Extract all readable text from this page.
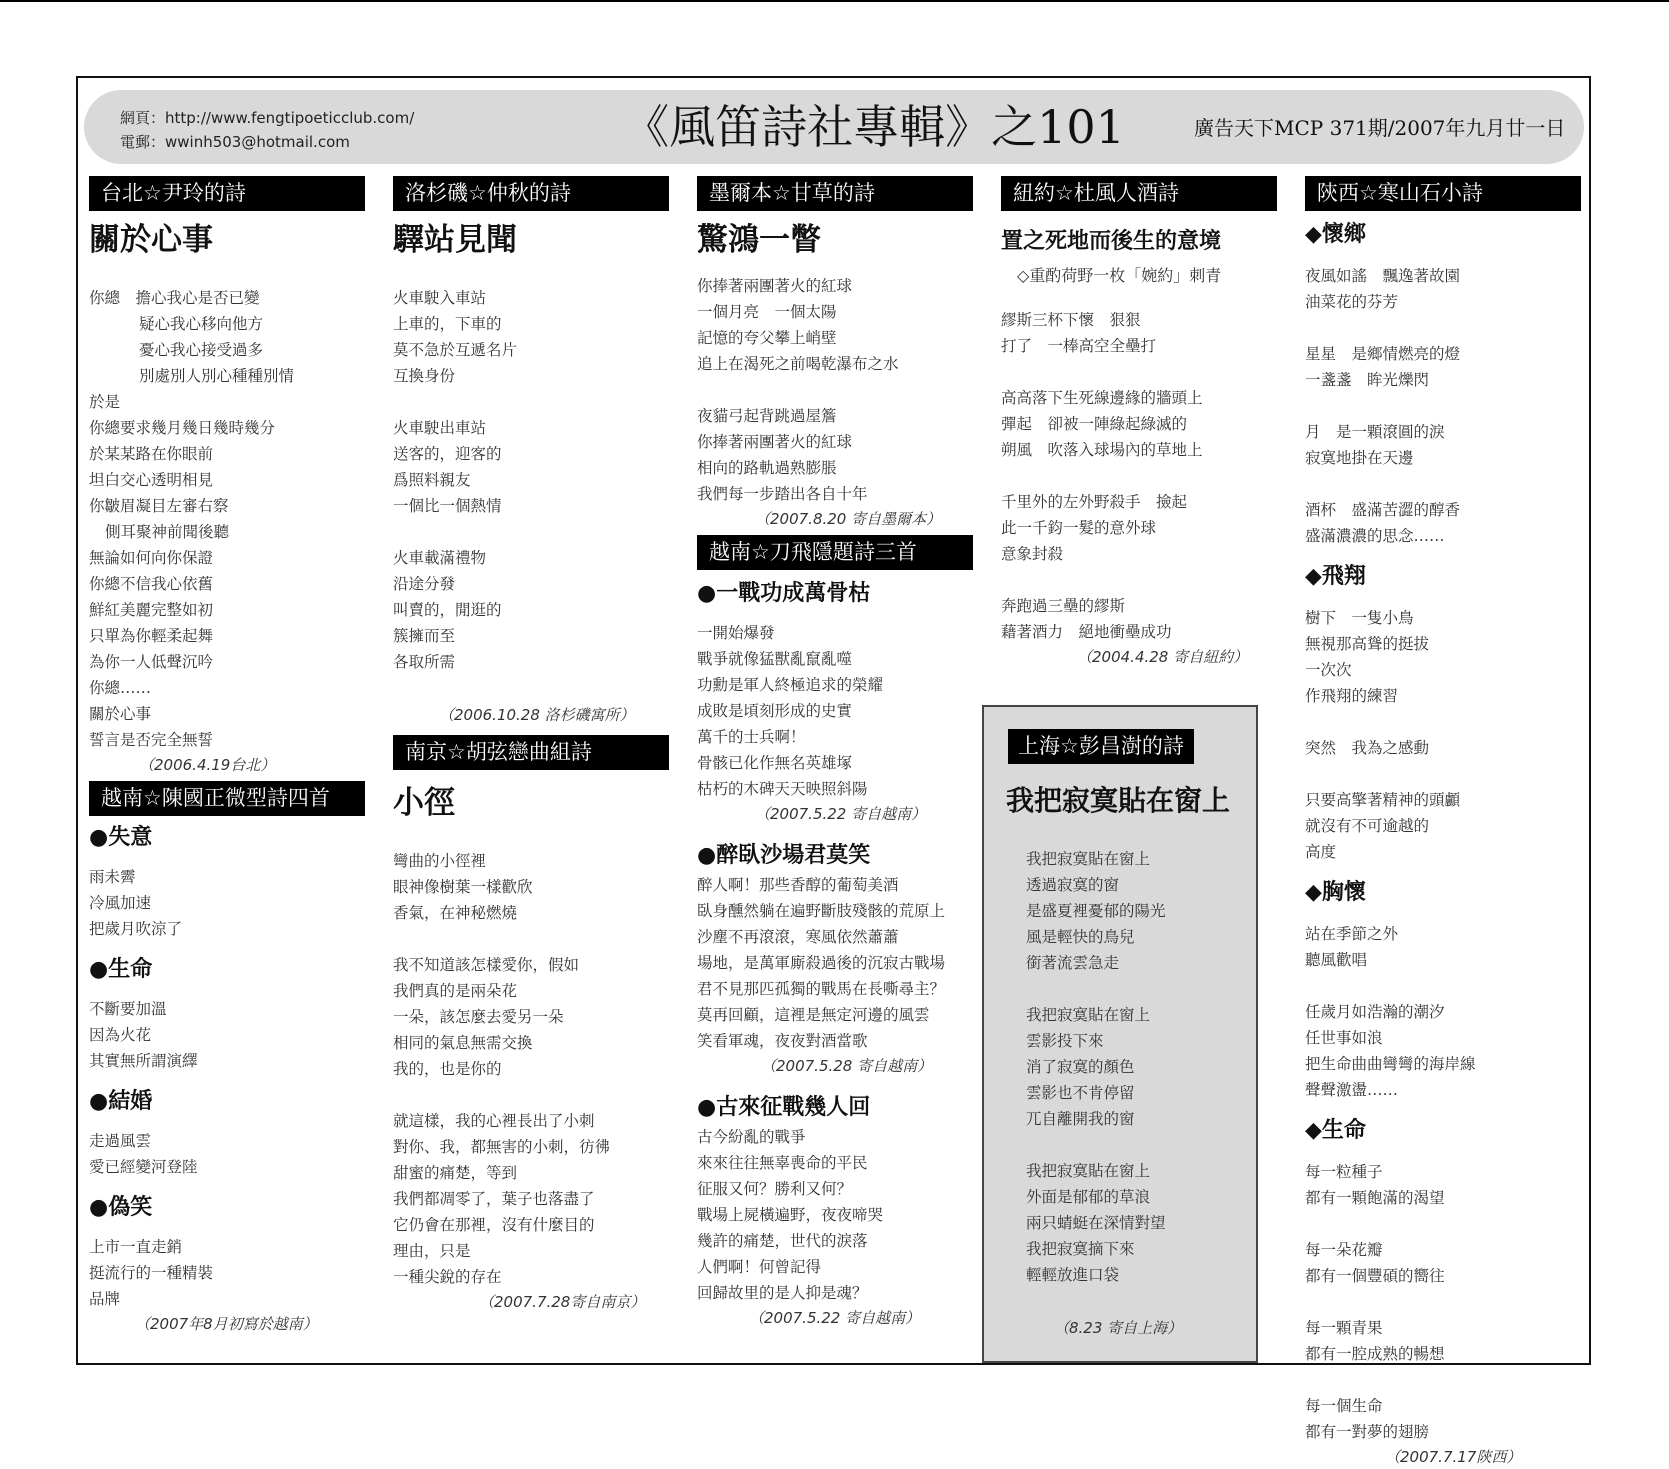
網頁：http://www.fengtipoeticclub.com/
電郵：wwinh503@hotmail.com	《風笛詩社專輯》之101	廣告天下MCP 371期/2007年九月廿一日
台北☆尹玲的詩
關於心事
你總　擔心我心是否已變
疑心我心移向他方
憂心我心接受過多
別處別人別心種種別情
於是
你總要求幾月幾日幾時幾分
於某某路在你眼前
坦白交心透明相見
你皺眉凝目左審右察
側耳聚神前聞後聽
無論如何向你保證
你總不信我心依舊
鮮紅美麗完整如初
只單為你輕柔起舞
為你一人低聲沉吟
你總……
關於心事
誓言是否完全無誓
（2006.4.19台北）
越南☆陳國正微型詩四首
●失意
雨未霽
冷風加速
把歲月吹涼了
●生命
不斷要加溫
因為火花
其實無所謂演繹
●結婚
走過風雲
愛已經變河登陸
●偽笑
上市一直走銷
挺流行的一種精裝
品牌
（2007年8月初寫於越南）
洛杉磯☆仲秋的詩
驛站見聞
火車駛入車站
上車的，下車的
莫不急於互遞名片
互換身份
火車駛出車站
送客的，迎客的
爲照料親友
一個比一個熱情
火車載滿禮物
沿途分發
叫賣的，閒逛的
簇擁而至
各取所需
（2006.10.28 洛杉磯寓所）
南京☆胡弦戀曲組詩
小徑
彎曲的小徑裡
眼神像樹葉一樣歡欣
香氣，在神秘燃燒
我不知道該怎樣愛你，假如
我們真的是兩朵花
一朵，該怎麼去愛另一朵
相同的氣息無需交換
我的，也是你的
就這樣，我的心裡長出了小刺
對你、我，都無害的小刺，彷彿
甜蜜的痛楚，等到
我們都凋零了，葉子也落盡了
它仍會在那裡，沒有什麼目的
理由，只是
一種尖銳的存在
（2007.7.28寄自南京）
墨爾本☆甘草的詩
驚鴻一瞥
你捧著兩團著火的紅球
一個月亮　一個太陽
記憶的夸父攀上峭壁
追上在渴死之前喝乾瀑布之水
夜貓弓起背跳過屋簷
你捧著兩團著火的紅球
相向的路軌過熟膨脹
我們每一步踏出各自十年
（2007.8.20 寄自墨爾本）
越南☆刀飛隱題詩三首
●一戰功成萬骨枯
一開始爆發
戰爭就像猛獸亂竄亂噬
功勳是軍人終極追求的榮耀
成敗是頃刻形成的史實
萬千的士兵啊！
骨骸已化作無名英雄塚
枯朽的木碑天天映照斜陽
（2007.5.22 寄自越南）
●醉臥沙場君莫笑
醉人啊！那些香醇的葡萄美酒
臥身醺然躺在遍野斷肢殘骸的荒原上
沙塵不再滾滾，寒風依然蕭蕭
場地，是萬軍廝殺過後的沉寂古戰場
君不見那匹孤獨的戰馬在長嘶尋主？
莫再回顧，這裡是無定河邊的風雲
笑看軍魂，夜夜對酒當歌
（2007.5.28 寄自越南）
●古來征戰幾人回
古今紛亂的戰爭
來來往往無辜喪命的平民
征服又何？勝利又何？
戰場上屍橫遍野，夜夜啼哭
幾許的痛楚，世代的淚落
人們啊！何曾記得
回歸故里的是人抑是魂？
（2007.5.22 寄自越南）
紐約☆杜風人酒詩
置之死地而後生的意境
◇重酌荷野一枚「婉約」刺青
繆斯三杯下懷　狠狠
打了　一棒高空全壘打
高高落下生死線邊緣的牆頭上
彈起　卻被一陣綠起綠滅的
朔風　吹落入球場內的草地上
千里外的左外野殺手　撿起
此一千鈞一髮的意外球
意象封殺
奔跑過三壘的繆斯
藉著酒力　絕地衝壘成功
（2004.4.28 寄自紐約）
上海☆彭昌澍的詩
我把寂寞貼在窗上
我把寂寞貼在窗上
透過寂寞的窗
是盛夏裡憂郁的陽光
風是輕快的鳥兒
銜著流雲急走
我把寂寞貼在窗上
雲影投下來
消了寂寞的顏色
雲影也不肯停留
兀自離開我的窗
我把寂寞貼在窗上
外面是郁郁的草浪
兩只蜻蜓在深情對望
我把寂寞摘下來
輕輕放進口袋
（8.23 寄自上海）
陝西☆寒山石小詩
◆懷鄉
夜風如謠　飄逸著故園
油菜花的芬芳
星星　是鄉情燃亮的燈
一盞盞　眸光爍閃
月　是一顆滾圓的淚
寂寞地掛在天邊
酒杯　盛滿苦澀的醇香
盛滿濃濃的思念……
◆飛翔
樹下　一隻小鳥
無視那高聳的挺拔
一次次
作飛翔的練習
突然　我為之感動
只要高擎著精神的頭顱
就沒有不可逾越的
高度
◆胸懷
站在季節之外
聽風歡唱
任歲月如浩瀚的潮汐
任世事如浪
把生命曲曲彎彎的海岸線
聲聲激盪……
◆生命
每一粒種子
都有一顆飽滿的渴望
每一朵花瓣
都有一個豐碩的嚮往
每一顆青果
都有一腔成熟的暢想
每一個生命
都有一對夢的翅膀
（2007.7.17陝西）
